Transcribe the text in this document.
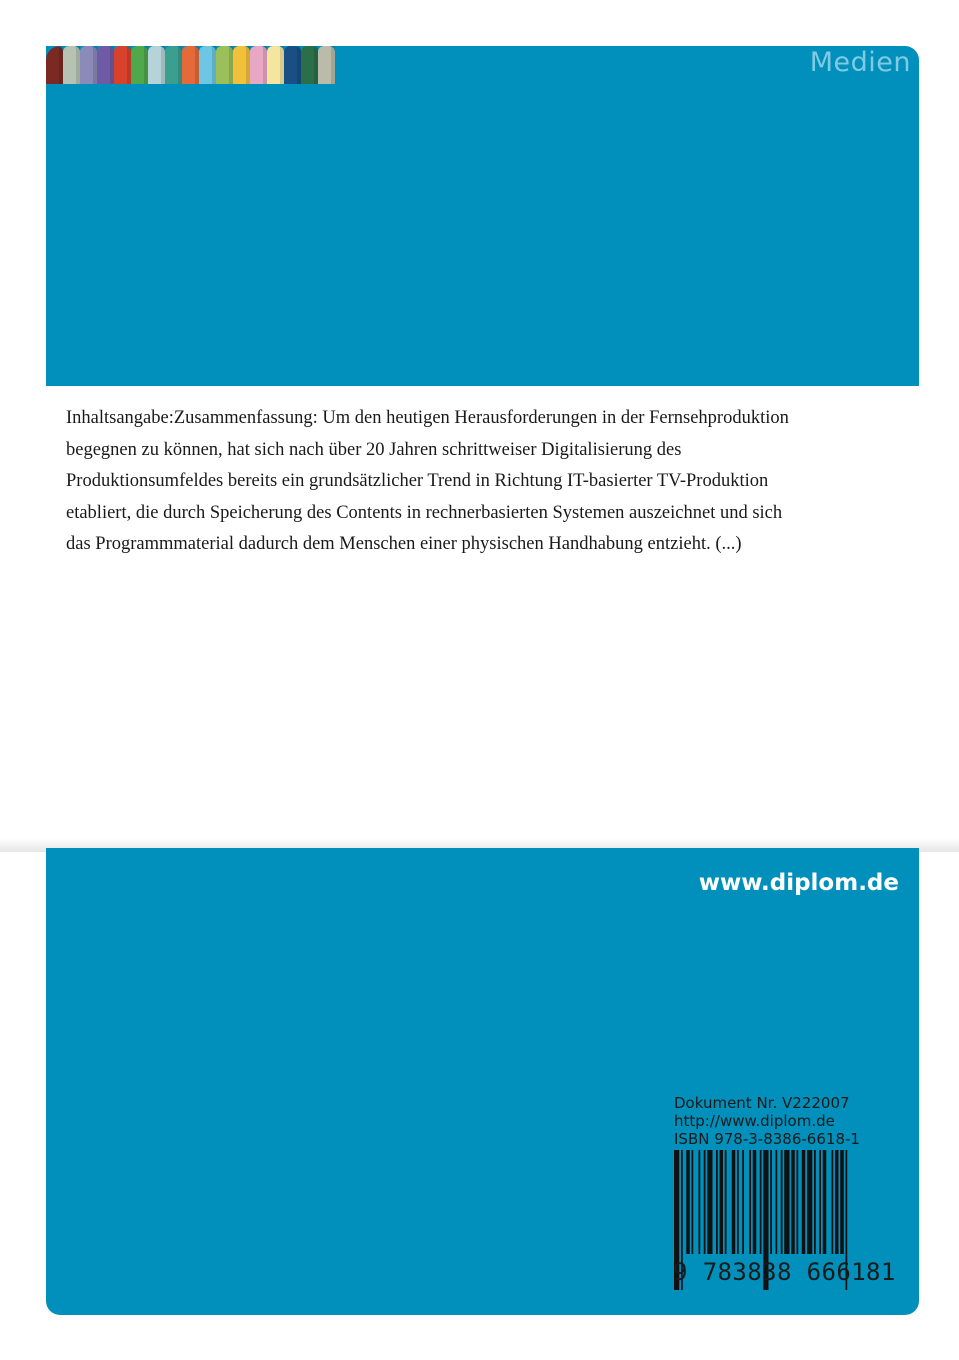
Medien

Inhaltsangabe:Zusammenfassung: Um den heutigen Herausforderungen in der Fernsehproduktion begegnen zu können, hat sich nach über 20 Jahren schrittweiser Digitalisierung des Produktionsumfeldes bereits ein grundsätzlicher Trend in Richtung IT-basierter TV-Produktion etabliert, die durch Speicherung des Contents in rechnerbasierten Systemen auszeichnet und sich das Programmmaterial dadurch dem Menschen einer physischen Handhabung entzieht. (...)

www.diplom.de
Dokument Nr. V222007
http://www.diplom.de
ISBN 978-3-8386-6618-1
9 783838 666181
